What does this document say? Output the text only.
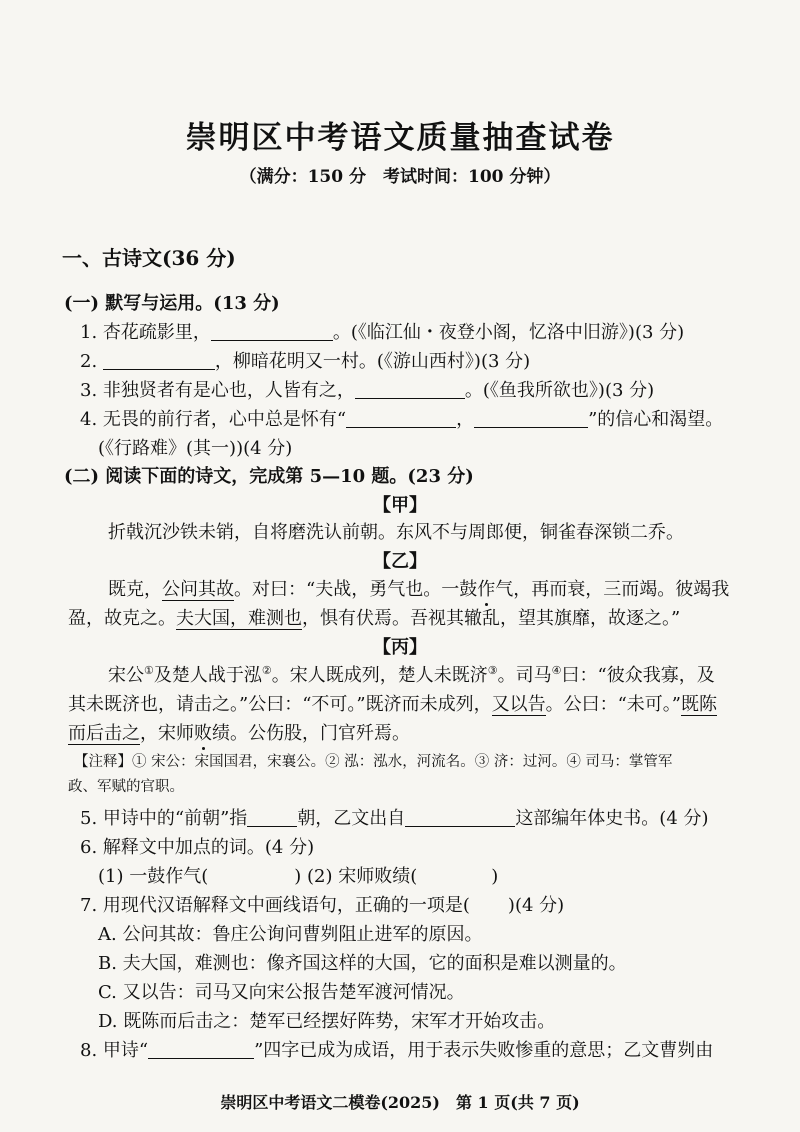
崇明区中考语文质量抽查试卷
（满分：150 分　考试时间：100 分钟）
一、古诗文(36 分)
(一) 默写与运用。(13 分)
1. 杏花疏影里，	。(《临江仙・夜登小阁，忆洛中旧游》)(3 分)
2.	，柳暗花明又一村。(《游山西村》)(3 分)
3. 非独贤者有是心也，人皆有之，	。(《鱼我所欲也》)(3 分)
4. 无畏的前行者，心中总是怀有“	，	”的信心和渴望。
(《行路难》(其一))(4 分)
(二) 阅读下面的诗文，完成第 5—10 题。(23 分)
【甲】
折戟沉沙铁未销，自将磨洗认前朝。东风不与周郎便，铜雀春深锁二乔。
【乙】
既克，公问其故。对曰：“夫战，勇气也。一鼓作气，再而衰，三而竭。彼竭我
盈，故克之。夫大国，难测也，惧有伏焉。吾视其辙乱，望其旗靡，故逐之。”
【丙】
宋公①及楚人战于泓②。宋人既成列，楚人未既济③。司马④曰：“彼众我寡，及
其未既济也，请击之。”公曰：“不可。”既济而未成列，又以告。公曰：“未可。”既陈
而后击之，宋师败绩。公伤股，门官歼焉。
【注释】① 宋公：宋国国君，宋襄公。② 泓：泓水，河流名。③ 济：过河。④ 司马：掌管军
政、军赋的官职。
5. 甲诗中的“前朝”指	朝，乙文出自	这部编年体史书。(4 分)
6. 解释文中加点的词。(4 分)
(1) 一鼓作气(	) (2) 宋师败绩(	)
7. 用现代汉语解释文中画线语句，正确的一项是( )(4 分)
A. 公问其故：鲁庄公询问曹刿阻止进军的原因。
B. 夫大国，难测也：像齐国这样的大国，它的面积是难以测量的。
C. 又以告：司马又向宋公报告楚军渡河情况。
D. 既陈而后击之：楚军已经摆好阵势，宋军才开始攻击。
8. 甲诗“	”四字已成为成语，用于表示失败惨重的意思；乙文曹刿由
崇明区中考语文二模卷(2025)　第 1 页(共 7 页)
